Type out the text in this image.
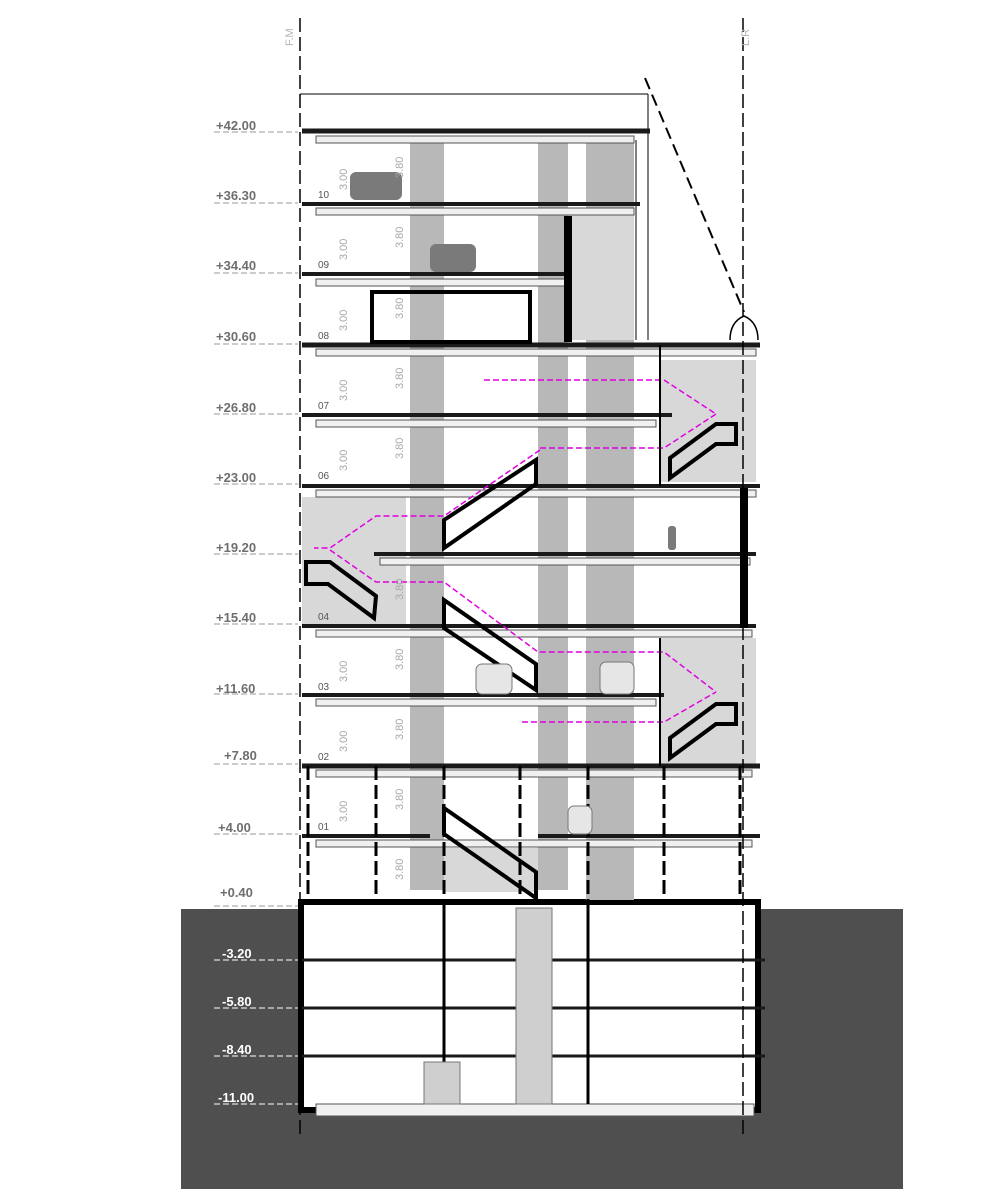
+42.00
+36.30
+34.40
+30.60
+26.80
+23.00
+19.20
+15.40
+11.60
+7.80
+4.00
+0.40
-3.20
-5.80
-8.40
-11.00
10
09
08
07
06
04
03
02
01
3.00
3.80
3.00
3.80
3.00
3.80
3.00
3.80
3.00
3.80
3.80
3.00
3.80
3.00
3.80
3.00
3.80
3.80
F.M	L.R
